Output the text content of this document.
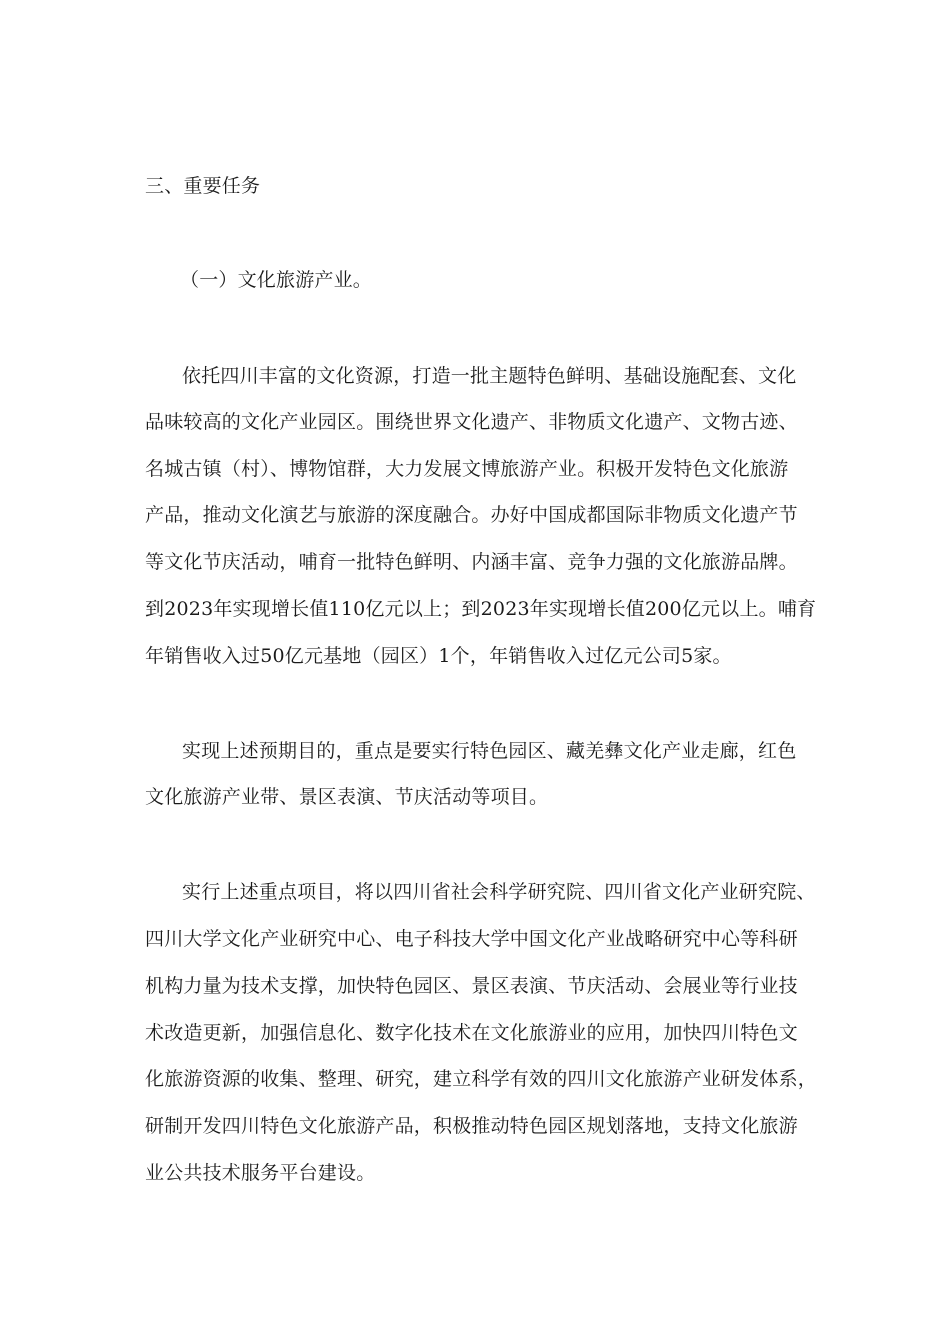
三、重要任务
（一）文化旅游产业。
依托四川丰富的文化资源，打造一批主题特色鲜明、基础设施配套、文化
品味较高的文化产业园区。围绕世界文化遗产、非物质文化遗产、文物古迹、
名城古镇（村）、博物馆群，大力发展文博旅游产业。积极开发特色文化旅游
产品，推动文化演艺与旅游的深度融合。办好中国成都国际非物质文化遗产节
等文化节庆活动，哺育一批特色鲜明、内涵丰富、竞争力强的文化旅游品牌。
到2023年实现增长值110亿元以上；到2023年实现增长值200亿元以上。哺育
年销售收入过50亿元基地（园区）1个，年销售收入过亿元公司5家。
实现上述预期目的，重点是要实行特色园区、藏羌彝文化产业走廊，红色
文化旅游产业带、景区表演、节庆活动等项目。
实行上述重点项目，将以四川省社会科学研究院、四川省文化产业研究院、
四川大学文化产业研究中心、电子科技大学中国文化产业战略研究中心等科研
机构力量为技术支撑，加快特色园区、景区表演、节庆活动、会展业等行业技
术改造更新，加强信息化、数字化技术在文化旅游业的应用，加快四川特色文
化旅游资源的收集、整理、研究，建立科学有效的四川文化旅游产业研发体系，
研制开发四川特色文化旅游产品，积极推动特色园区规划落地，支持文化旅游
业公共技术服务平台建设。
